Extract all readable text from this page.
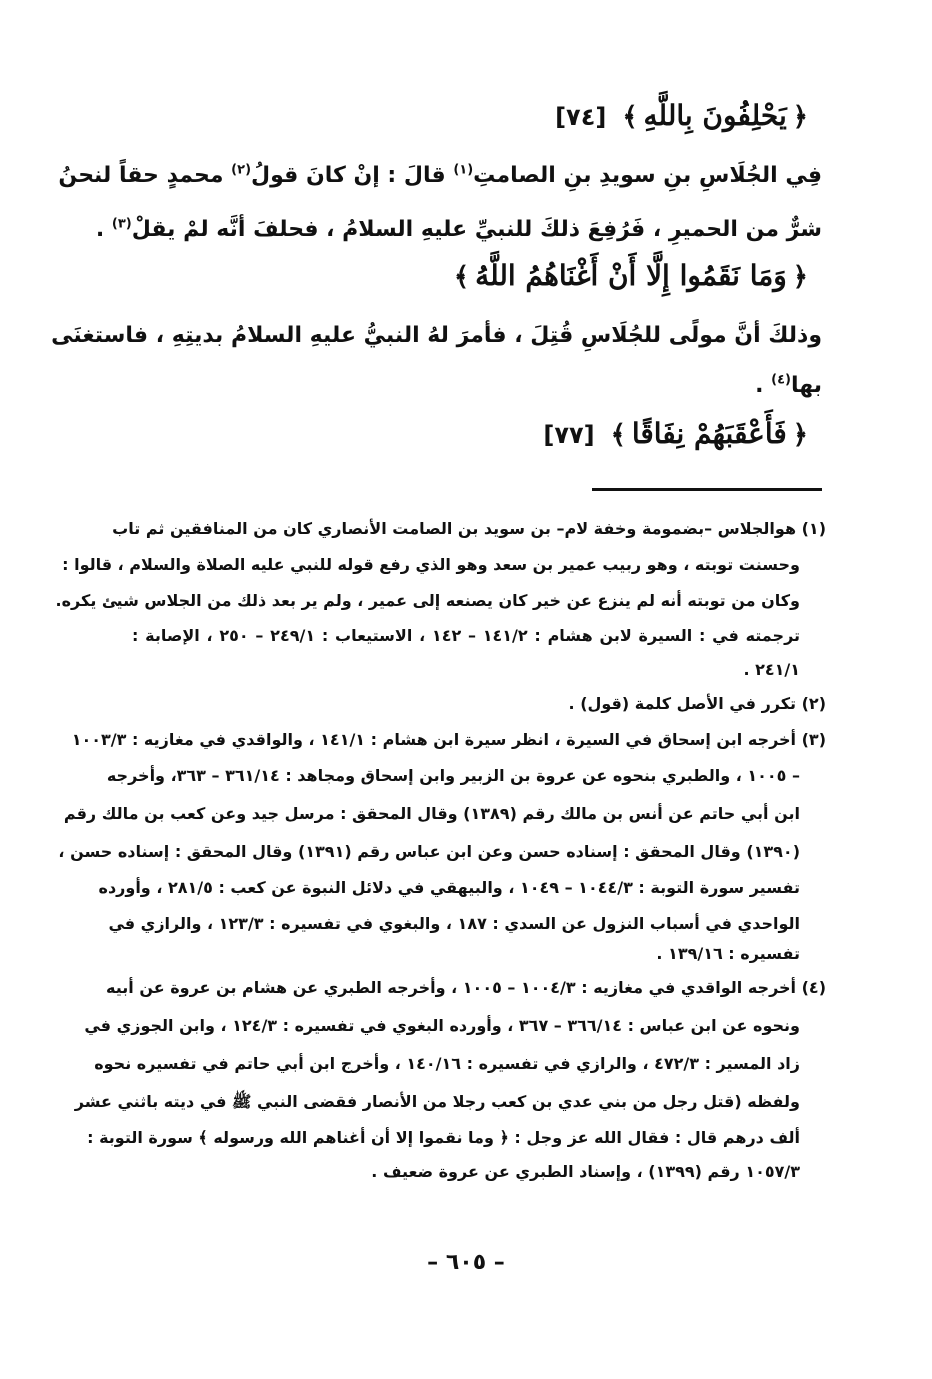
﴿يَحْلِفُونَ بِاللَّهِ﴾[٧٤]
فِي الجُلَاسِ بنِ سويدِ بنِ الصامتِ$^{(١)}$ قالَ : إنْ كانَ قولُ$^{(٢)}$ محمدٍ حقاً لنحنُ
شرٌّ من الحميرِ ، فَرُفِعَ ذلكَ للنبيِّ عليهِ السلامُ ، فحلفَ أنَّه لمْ يقلْ$^{(٣)}$ .
﴿وَمَا نَقَمُوا إِلَّا أَنْ أَغْنَاهُمُ اللَّهُ﴾
وذلكَ أنَّ مولًى للجُلَاسِ قُتِلَ ، فأمرَ لهُ النبيُّ عليهِ السلامُ بديتِهِ ، فاستغنَى
بها$^{(٤)}$ .
﴿فَأَعْقَبَهُمْ نِفَاقًا﴾[٧٧]
(١) هوالجلاس –بضمومة وخفة لام– بن سويد بن الصامت الأنصاري كان من المنافقين ثم تاب
وحسنت توبته ، وهو ربيب عمير بن سعد وهو الذي رفع قوله للنبي عليه الصلاة والسلام ، قالوا :
وكان من توبته أنه لم ينزع عن خير كان يصنعه إلى عمير ، ولم ير بعد ذلك من الجلاس شيئ يكره.
ترجمته في : السيرة لابن هشام : ١٤١/٢ – ١٤٢ ، الاستيعاب : ٢٤٩/١ – ٢٥٠ ، الإصابة :
٢٤١/١ .
(٢) تكرر في الأصل كلمة (قول) .
(٣) أخرجه ابن إسحاق في السيرة ، انظر سيرة ابن هشام : ١٤١/١ ، والواقدي في مغازيه : ١٠٠٣/٣
– ١٠٠٥ ، والطبري بنحوه عن عروة بن الزبير وابن إسحاق ومجاهد : ٣٦١/١٤ – ٣٦٣، وأخرجه
ابن أبي حاتم عن أنس بن مالك رقم (١٣٨٩) وقال المحقق : مرسل جيد وعن كعب بن مالك رقم
(١٣٩٠) وقال المحقق : إسناده حسن وعن ابن عباس رقم (١٣٩١) وقال المحقق : إسناده حسن ،
تفسير سورة التوبة : ١٠٤٤/٣ – ١٠٤٩ ، والبيهقي في دلائل النبوة عن كعب : ٢٨١/٥ ، وأورده
الواحدي في أسباب النزول عن السدي : ١٨٧ ، والبغوي في تفسيره : ١٢٣/٣ ، والرازي في
تفسيره : ١٣٩/١٦ .
(٤) أخرجه الواقدي في مغازيه : ١٠٠٤/٣ – ١٠٠٥ ، وأخرجه الطبري عن هشام بن عروة عن أبيه
ونحوه عن ابن عباس : ٣٦٦/١٤ – ٣٦٧ ، وأورده البغوي في تفسيره : ١٢٤/٣ ، وابن الجوزي في
زاد المسير : ٤٧٢/٣ ، والرازي في تفسيره : ١٤٠/١٦ ، وأخرج ابن أبي حاتم في تفسيره نحوه
ولفظه (قتل رجل من بني عدي بن كعب رجلا من الأنصار فقضى النبي ﷺ في ديته باثني عشر
ألف درهم قال : فقال الله عز وجل : ﴿ وما نقموا إلا أن أغناهم الله ورسوله ﴾ سورة التوبة :
١٠٥٧/٣ رقم (١٣٩٩) ، وإسناد الطبري عن عروة ضعيف .
– ٦٠٥ –
